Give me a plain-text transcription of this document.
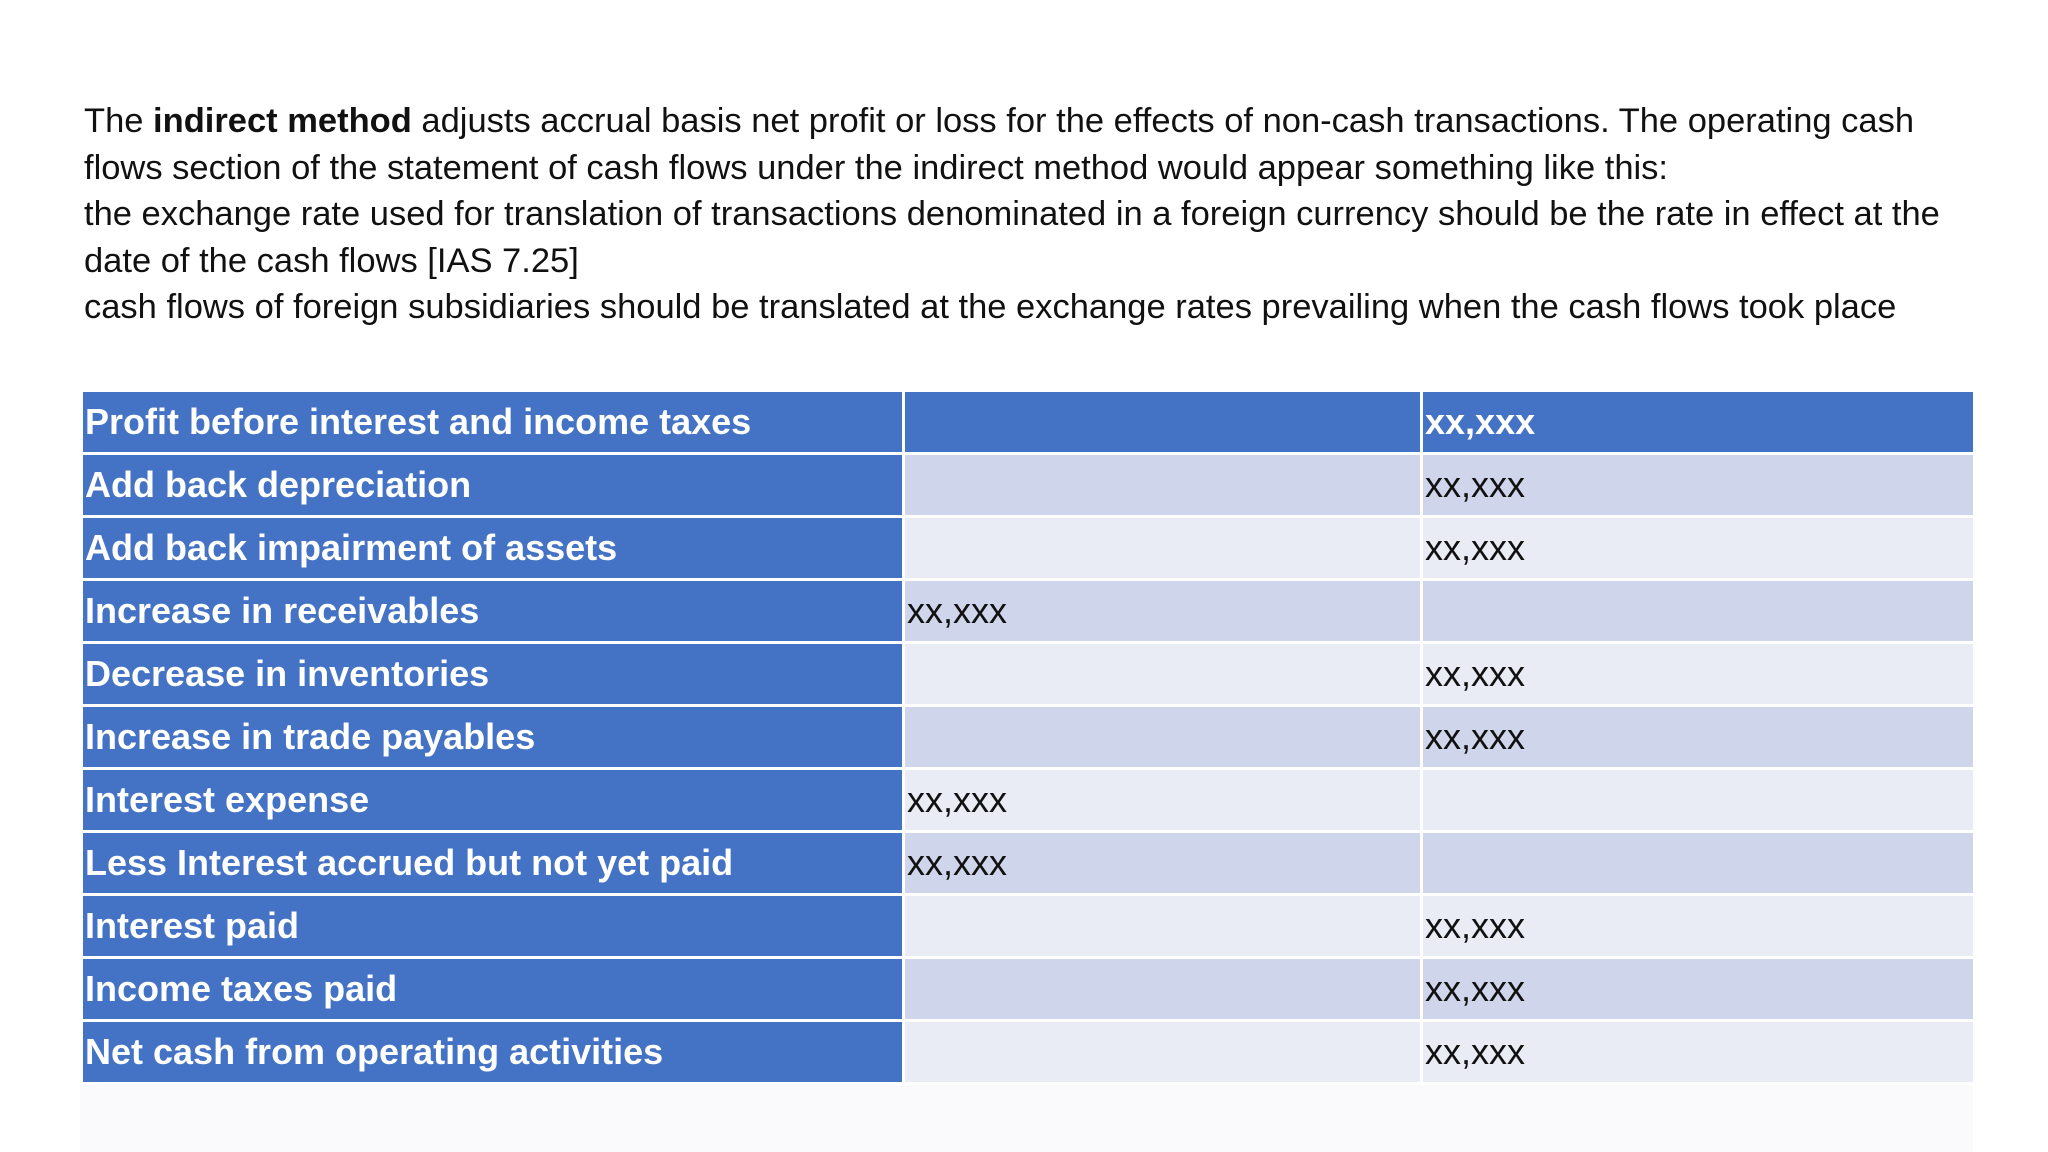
The indirect method adjusts accrual basis net profit or loss for the effects of non-cash transactions. The operating cash flows section of the statement of cash flows under the indirect method would appear something like this:

the exchange rate used for translation of transactions denominated in a foreign currency should be the rate in effect at the date of the cash flows [IAS 7.25]

cash flows of foreign subsidiaries should be translated at the exchange rates prevailing when the cash flows took place

Profit before interest and income taxes		xx,xxx
Add back depreciation		xx,xxx
Add back impairment of assets		xx,xxx
Increase in receivables	xx,xxx	
Decrease in inventories		xx,xxx
Increase in trade payables		xx,xxx
Interest expense	xx,xxx	
Less Interest accrued but not yet paid	xx,xxx	
Interest paid		xx,xxx
Income taxes paid		xx,xxx
Net cash from operating activities		xx,xxx
